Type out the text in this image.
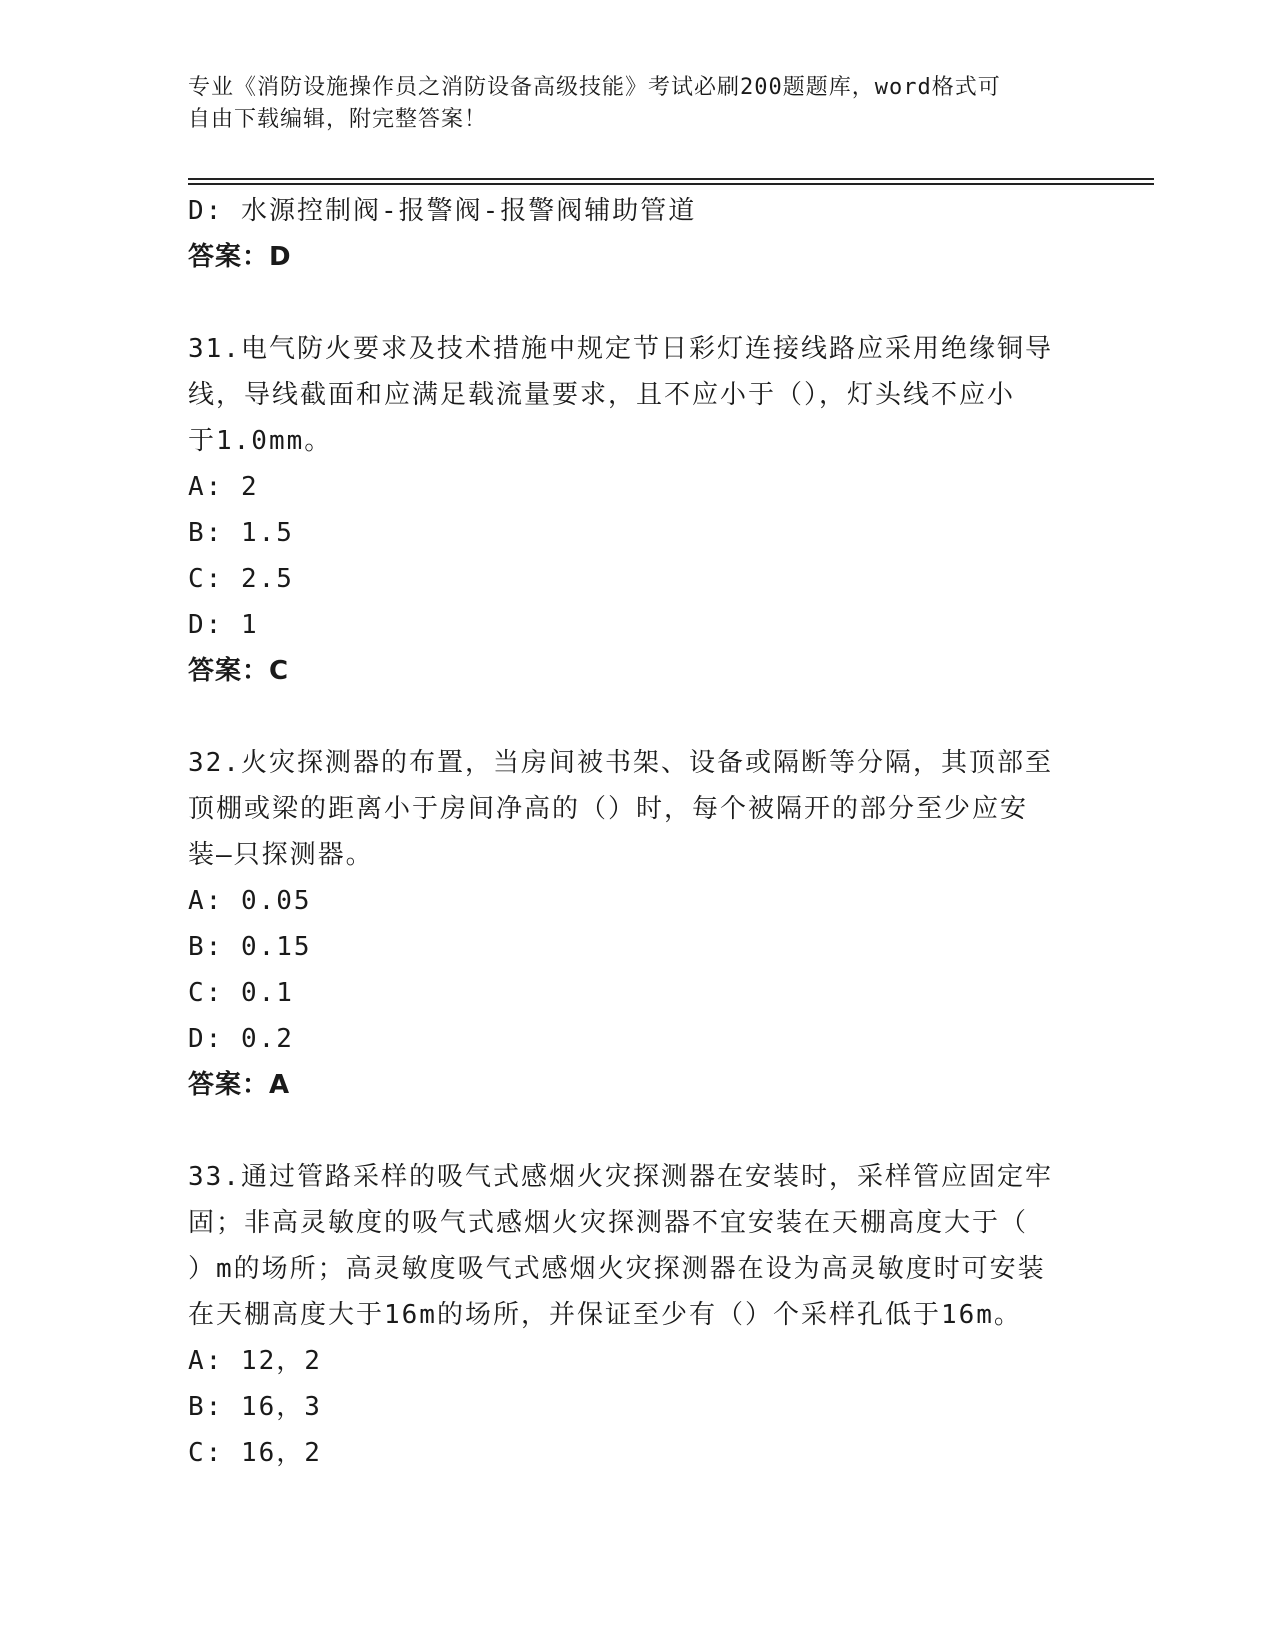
专业《消防设施操作员之消防设备高级技能》考试必刷200题题库，word格式可
自由下载编辑，附完整答案！
D: 水源控制阀-报警阀-报警阀辅助管道
答案：D
31.电气防火要求及技术措施中规定节日彩灯连接线路应采用绝缘铜导
线，导线截面和应满足载流量要求，且不应小于（），灯头线不应小
于1.0mm。
A: 2
B: 1.5
C: 2.5
D: 1
答案：C
32.火灾探测器的布置，当房间被书架、设备或隔断等分隔，其顶部至
顶棚或梁的距离小于房间净高的（）时，每个被隔开的部分至少应安
装—只探测器。
A: 0.05
B: 0.15
C: 0.1
D: 0.2
答案：A
33.通过管路采样的吸气式感烟火灾探测器在安装时，采样管应固定牢
固；非高灵敏度的吸气式感烟火灾探测器不宜安装在天棚高度大于（
）m的场所；高灵敏度吸气式感烟火灾探测器在设为高灵敏度时可安装
在天棚高度大于16m的场所，并保证至少有（）个采样孔低于16m。
A: 12，2
B: 16，3
C: 16，2
